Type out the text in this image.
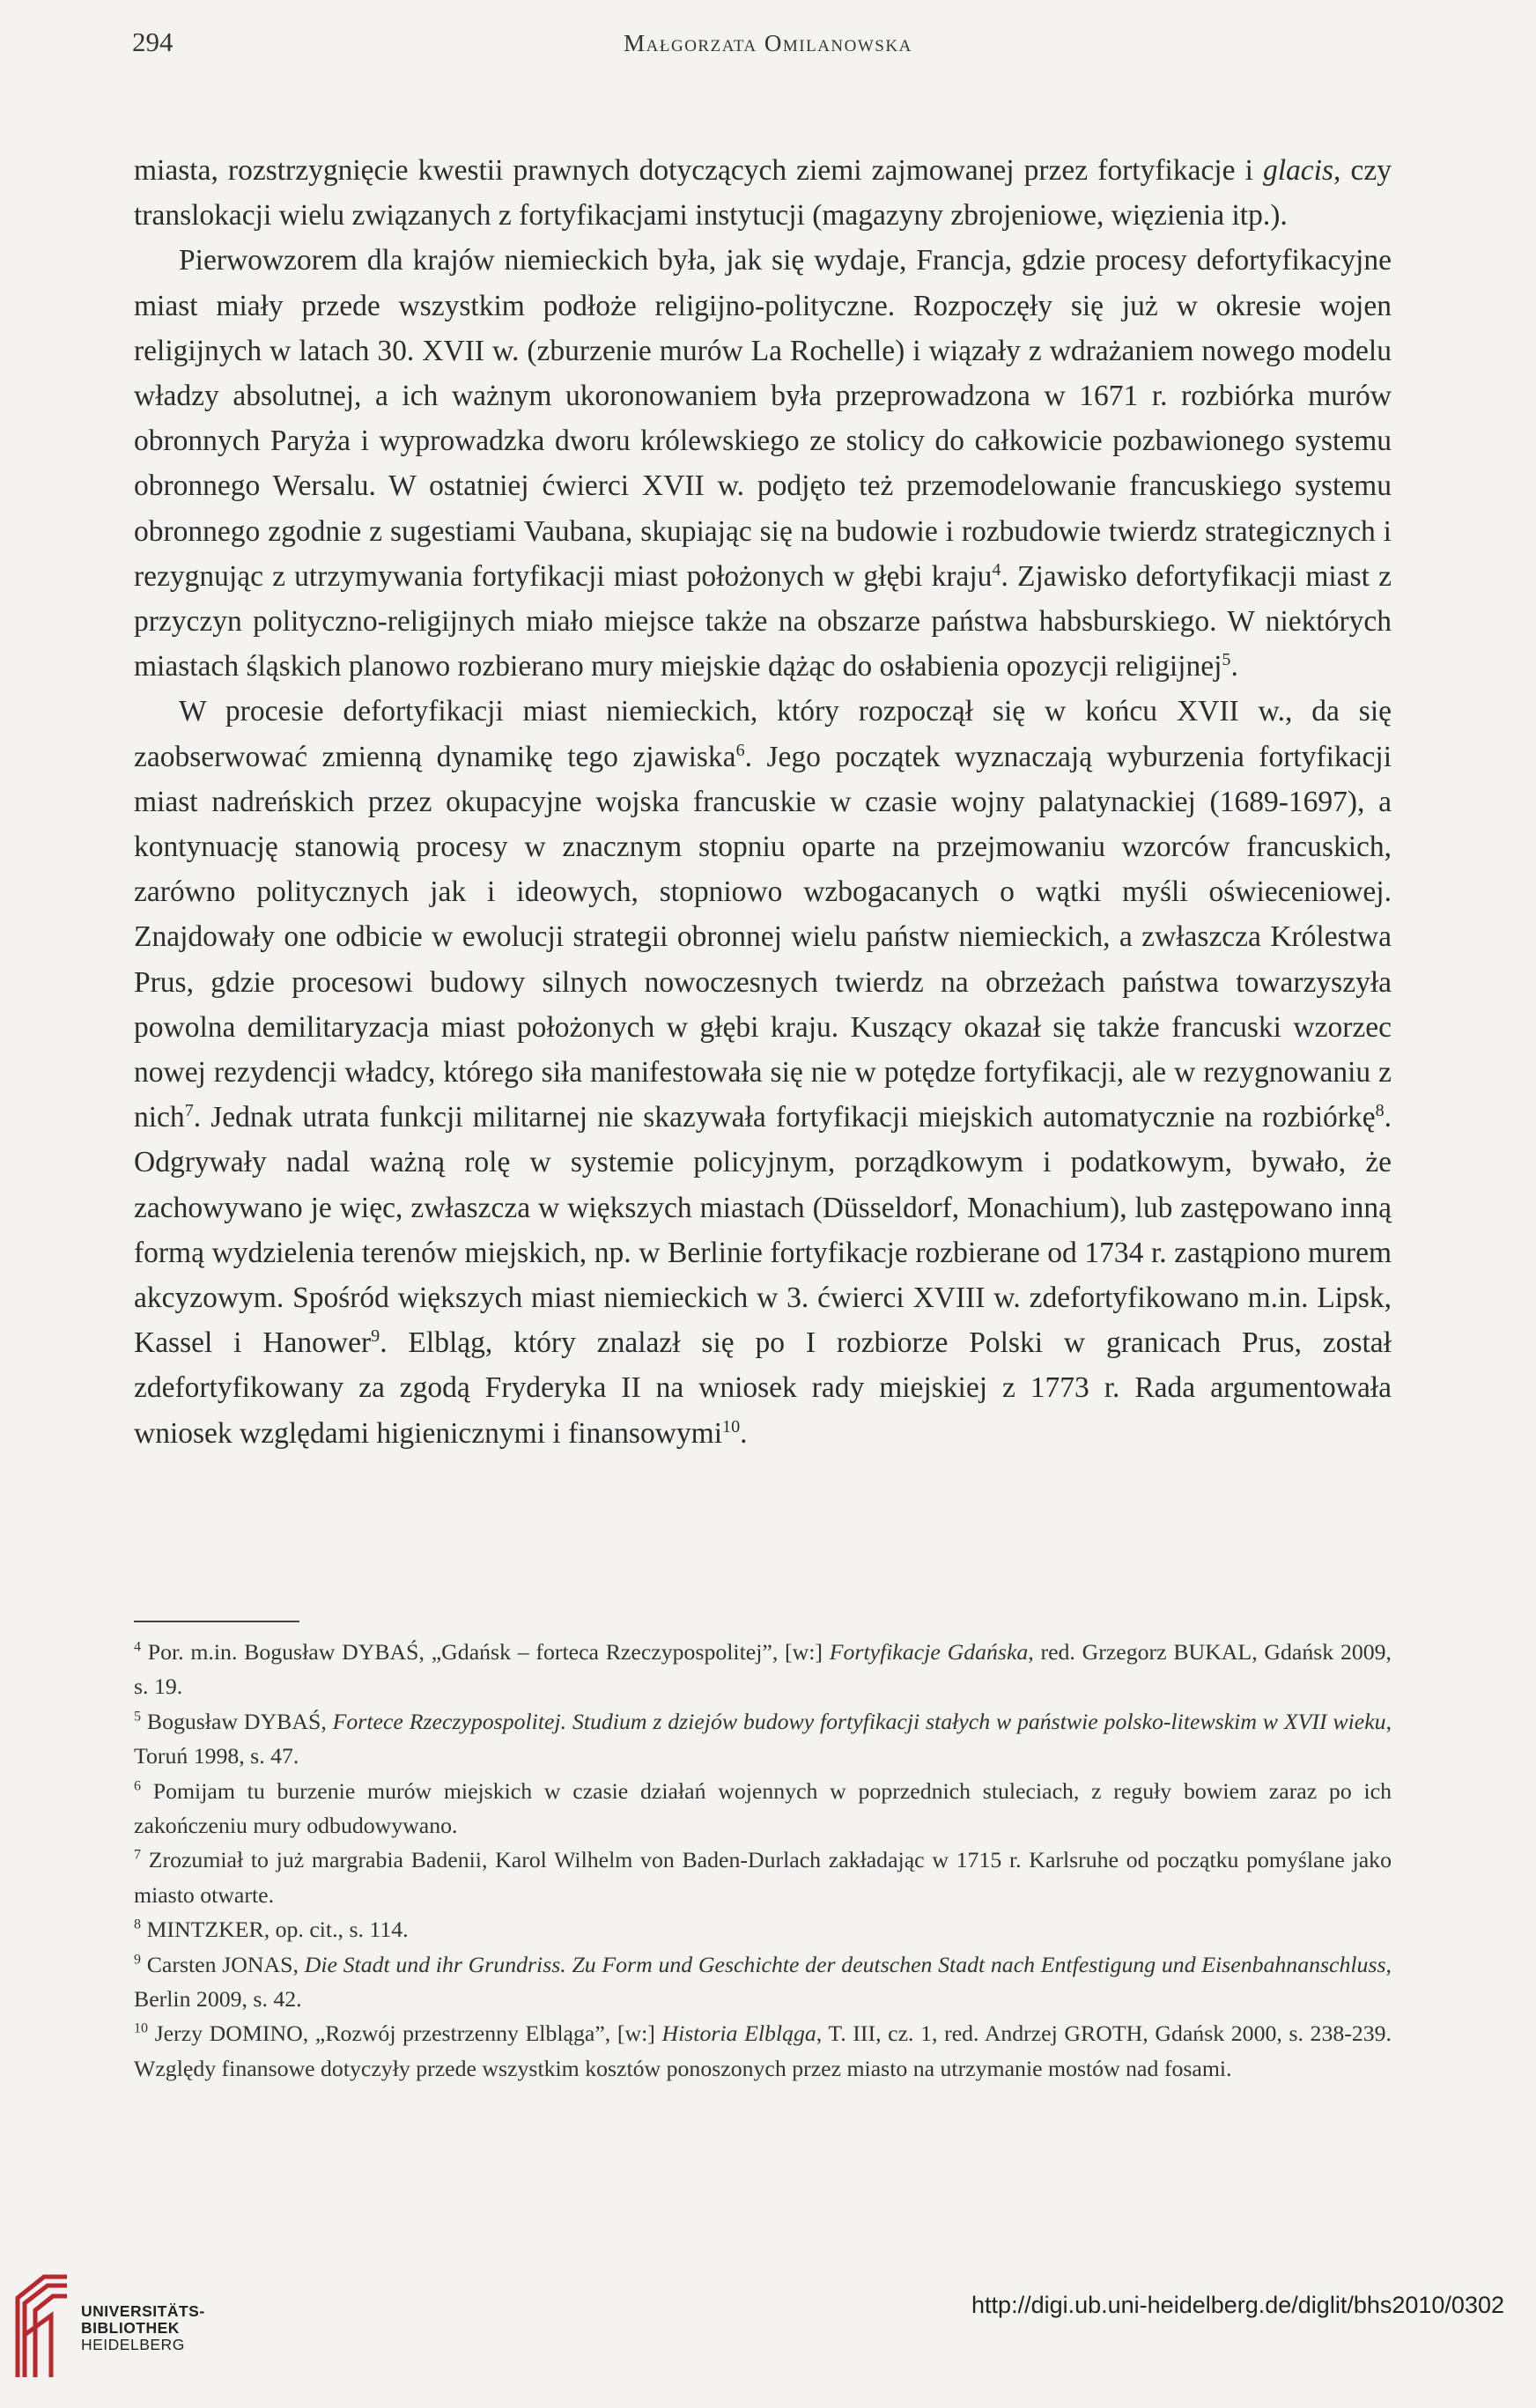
294	Małgorzata Omilanowska

miasta, rozstrzygnięcie kwestii prawnych dotyczących ziemi zajmowanej przez fortyfikacje i glacis, czy translokacji wielu związanych z fortyfikacjami instytucji (magazyny zbrojeniowe, więzienia itp.).

Pierwowzorem dla krajów niemieckich była, jak się wydaje, Francja, gdzie procesy defortyfikacyjne miast miały przede wszystkim podłoże religijno-polityczne. Rozpoczęły się już w okresie wojen religijnych w latach 30. XVII w. (zburzenie murów La Rochelle) i wiązały z wdrażaniem nowego modelu władzy absolutnej, a ich ważnym ukoronowaniem była przeprowadzona w 1671 r. rozbiórka murów obronnych Paryża i wyprowadzka dworu królewskiego ze stolicy do całkowicie pozbawionego systemu obronnego Wersalu. W ostatniej ćwierci XVII w. podjęto też przemodelowanie francuskiego systemu obronnego zgodnie z sugestiami Vaubana, skupiając się na budowie i rozbudowie twierdz strategicznych i rezygnując z utrzymywania fortyfikacji miast położonych w głębi kraju$^4$. Zjawisko defortyfikacji miast z przyczyn polityczno-religijnych miało miejsce także na obszarze państwa habsburskiego. W niektórych miastach śląskich planowo rozbierano mury miejskie dążąc do osłabienia opozycji religijnej$^5$.

W procesie defortyfikacji miast niemieckich, który rozpoczął się w końcu XVII w., da się zaobserwować zmienną dynamikę tego zjawiska$^6$. Jego początek wyznaczają wyburzenia fortyfikacji miast nadreńskich przez okupacyjne wojska francuskie w czasie wojny palatynackiej (1689-1697), a kontynuację stanowią procesy w znacznym stopniu oparte na przejmowaniu wzorców francuskich, zarówno politycznych jak i ideowych, stopniowo wzbogacanych o wątki myśli oświeceniowej. Znajdowały one odbicie w ewolucji strategii obronnej wielu państw niemieckich, a zwłaszcza Królestwa Prus, gdzie procesowi budowy silnych nowoczesnych twierdz na obrzeżach państwa towarzyszyła powolna demilitaryzacja miast położonych w głębi kraju. Kuszący okazał się także francuski wzorzec nowej rezydencji władcy, którego siła manifestowała się nie w potędze fortyfikacji, ale w rezygnowaniu z nich$^7$. Jednak utrata funkcji militarnej nie skazywała fortyfikacji miejskich automatycznie na rozbiórkę$^8$. Odgrywały nadal ważną rolę w systemie policyjnym, porządkowym i podatkowym, bywało, że zachowywano je więc, zwłaszcza w większych miastach (Düsseldorf, Monachium), lub zastępowano inną formą wydzielenia terenów miejskich, np. w Berlinie fortyfikacje rozbierane od 1734 r. zastąpiono murem akcyzowym. Spośród większych miast niemieckich w 3. ćwierci XVIII w. zdefortyfikowano m.in. Lipsk, Kassel i Hanower$^9$. Elbląg, który znalazł się po I rozbiorze Polski w granicach Prus, został zdefortyfikowany za zgodą Fryderyka II na wniosek rady miejskiej z 1773 r. Rada argumentowała wniosek względami higienicznymi i finansowymi$^{10}$.

$^4$ Por. m.in. Bogusław DYBAŚ, „Gdańsk – forteca Rzeczypospolitej”, [w:] Fortyfikacje Gdańska, red. Grzegorz BUKAL, Gdańsk 2009, s. 19.

$^5$ Bogusław DYBAŚ, Fortece Rzeczypospolitej. Studium z dziejów budowy fortyfikacji stałych w państwie polsko-litewskim w XVII wieku, Toruń 1998, s. 47.

$^6$ Pomijam tu burzenie murów miejskich w czasie działań wojennych w poprzednich stuleciach, z reguły bowiem zaraz po ich zakończeniu mury odbudowywano.

$^7$ Zrozumiał to już margrabia Badenii, Karol Wilhelm von Baden-Durlach zakładając w 1715 r. Karlsruhe od początku pomyślane jako miasto otwarte.

$^8$ MINTZKER, op. cit., s. 114.

$^9$ Carsten JONAS, Die Stadt und ihr Grundriss. Zu Form und Geschichte der deutschen Stadt nach Entfestigung und Eisenbahnanschluss, Berlin 2009, s. 42.

$^{10}$ Jerzy DOMINO, „Rozwój przestrzenny Elbląga”, [w:] Historia Elbląga, T. III, cz. 1, red. Andrzej GROTH, Gdańsk 2000, s. 238-239. Względy finansowe dotyczyły przede wszystkim kosztów ponoszonych przez miasto na utrzymanie mostów nad fosami.

UNIVERSITÄTS-
BIBLIOTHEK
HEIDELBERG
http://digi.ub.uni-heidelberg.de/diglit/bhs2010/0302
